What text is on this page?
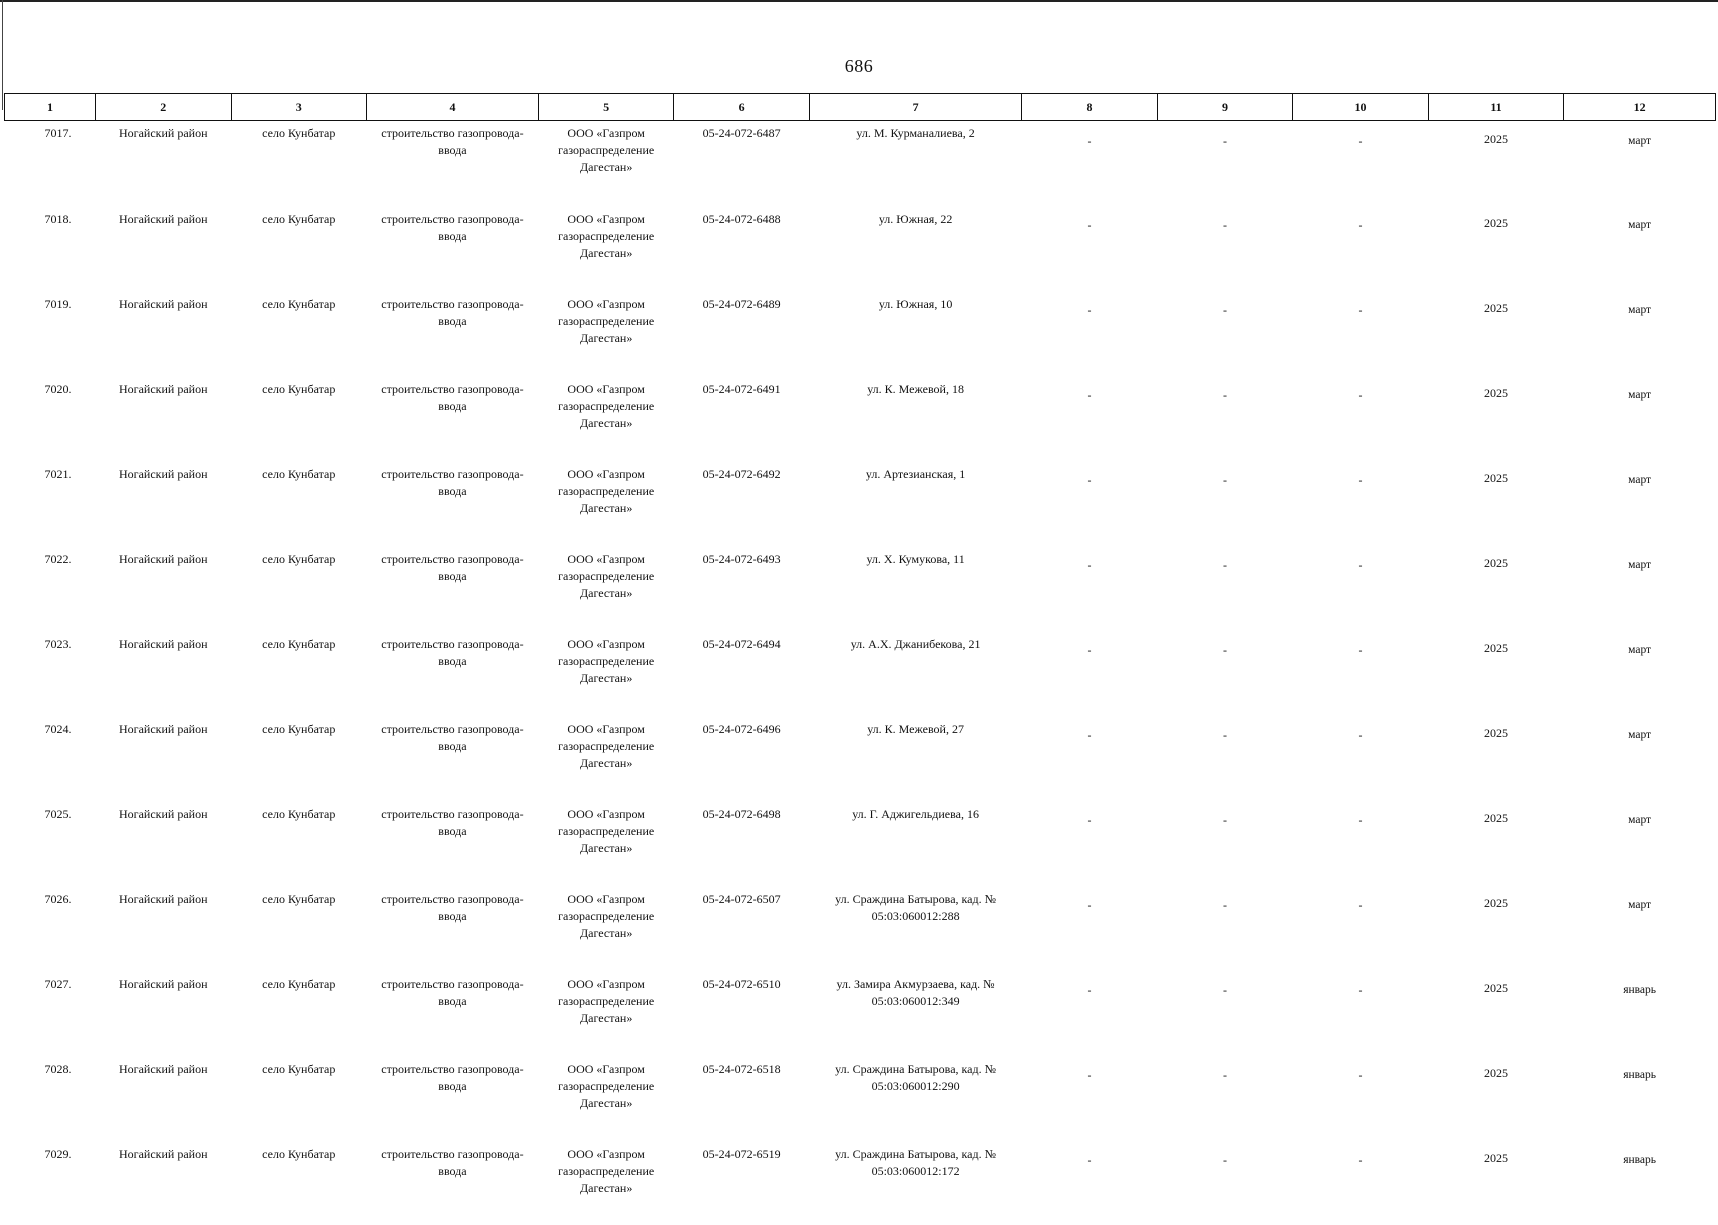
686
1	2	3	4	5	6	7	8	9	10	11	12
7017.	Ногайский район	село Кунбатар	строительство газопровода-ввода	ООО «Газпром газораспределение Дагестан»	05-24-072-6487	ул. М. Курманалиева, 2	-	-	-	2025	март
7018.	Ногайский район	село Кунбатар	строительство газопровода-ввода	ООО «Газпром газораспределение Дагестан»	05-24-072-6488	ул. Южная, 22	-	-	-	2025	март
7019.	Ногайский район	село Кунбатар	строительство газопровода-ввода	ООО «Газпром газораспределение Дагестан»	05-24-072-6489	ул. Южная, 10	-	-	-	2025	март
7020.	Ногайский район	село Кунбатар	строительство газопровода-ввода	ООО «Газпром газораспределение Дагестан»	05-24-072-6491	ул. К. Межевой, 18	-	-	-	2025	март
7021.	Ногайский район	село Кунбатар	строительство газопровода-ввода	ООО «Газпром газораспределение Дагестан»	05-24-072-6492	ул. Артезианская, 1	-	-	-	2025	март
7022.	Ногайский район	село Кунбатар	строительство газопровода-ввода	ООО «Газпром газораспределение Дагестан»	05-24-072-6493	ул. Х. Кумукова, 11	-	-	-	2025	март
7023.	Ногайский район	село Кунбатар	строительство газопровода-ввода	ООО «Газпром газораспределение Дагестан»	05-24-072-6494	ул. А.Х. Джанибекова, 21	-	-	-	2025	март
7024.	Ногайский район	село Кунбатар	строительство газопровода-ввода	ООО «Газпром газораспределение Дагестан»	05-24-072-6496	ул. К. Межевой, 27	-	-	-	2025	март
7025.	Ногайский район	село Кунбатар	строительство газопровода-ввода	ООО «Газпром газораспределение Дагестан»	05-24-072-6498	ул. Г. Аджигельдиева, 16	-	-	-	2025	март
7026.	Ногайский район	село Кунбатар	строительство газопровода-ввода	ООО «Газпром газораспределение Дагестан»	05-24-072-6507	ул. Сраждина Батырова, кад. № 05:03:060012:288	-	-	-	2025	март
7027.	Ногайский район	село Кунбатар	строительство газопровода-ввода	ООО «Газпром газораспределение Дагестан»	05-24-072-6510	ул. Замира Акмурзаева, кад. № 05:03:060012:349	-	-	-	2025	январь
7028.	Ногайский район	село Кунбатар	строительство газопровода-ввода	ООО «Газпром газораспределение Дагестан»	05-24-072-6518	ул. Сраждина Батырова, кад. № 05:03:060012:290	-	-	-	2025	январь
7029.	Ногайский район	село Кунбатар	строительство газопровода-ввода	ООО «Газпром газораспределение Дагестан»	05-24-072-6519	ул. Сраждина Батырова, кад. № 05:03:060012:172	-	-	-	2025	январь
